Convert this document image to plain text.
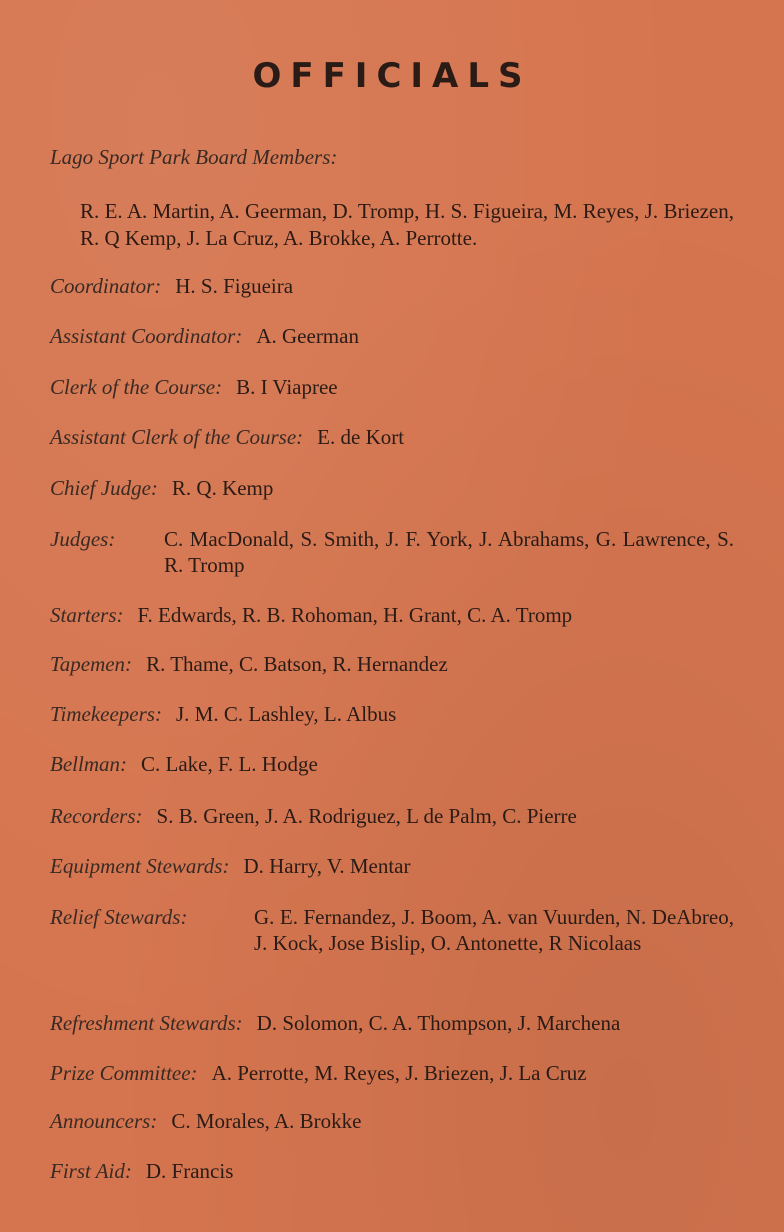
OFFICIALS
Lago Sport Park Board Members:
R. E. A. Martin, A. Geerman, D. Tromp, H. S. Figueira, M. Reyes, J. Briezen, R. Q Kemp, J. La Cruz, A. Brokke, A. Perrotte.
Coordinator: H. S. Figueira
Assistant Coordinator: A. Geerman
Clerk of the Course: B. I Viapree
Assistant Clerk of the Course: E. de Kort
Chief Judge: R. Q. Kemp
Judges:	C. MacDonald, S. Smith, J. F. York, J. Abrahams, G. Lawrence, S. R. Tromp
Starters: F. Edwards, R. B. Rohoman, H. Grant, C. A. Tromp
Tapemen: R. Thame, C. Batson, R. Hernandez
Timekeepers: J. M. C. Lashley, L. Albus
Bellman: C. Lake, F. L. Hodge
Recorders: S. B. Green, J. A. Rodriguez, L de Palm, C. Pierre
Equipment Stewards: D. Harry, V. Mentar
Relief Stewards:	G. E. Fernandez, J. Boom, A. van Vuurden, N. DeAbreo, J. Kock, Jose Bislip, O. Antonette, R Nicolaas
Refreshment Stewards: D. Solomon, C. A. Thompson, J. Marchena
Prize Committee: A. Perrotte, M. Reyes, J. Briezen, J. La Cruz
Announcers: C. Morales, A. Brokke
First Aid: D. Francis
